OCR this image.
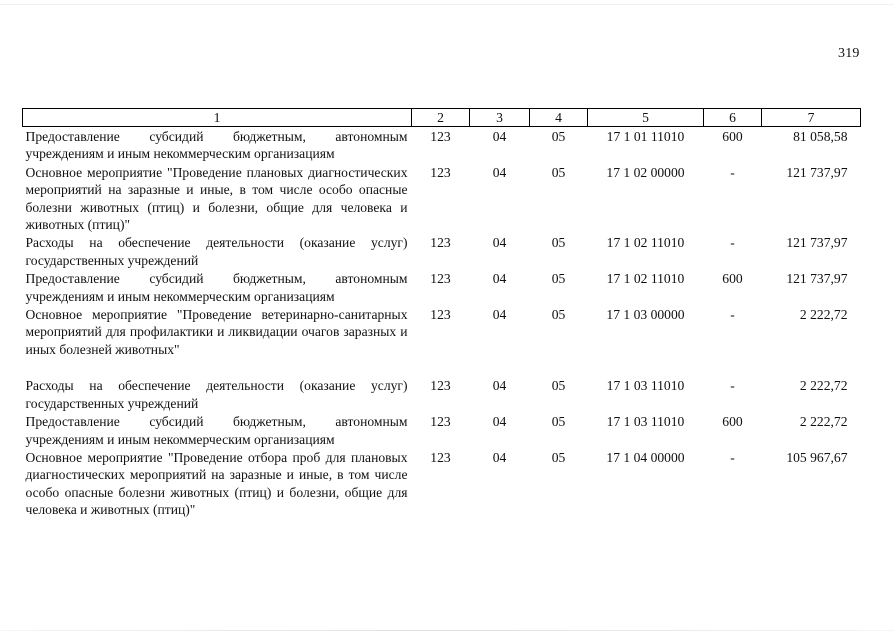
319
1	2	3	4	5	6	7
Предоставление субсидий бюджетным, автономным учреждениям и иным некоммерческим организациям	123	04	05	17 1 01 11010	600	81 058,58
Основное мероприятие "Проведение плановых диагностических мероприятий на заразные и иные, в том числе особо опасные болезни животных (птиц) и болезни, общие для человека и животных (птиц)"	123	04	05	17 1 02 00000	-	121 737,97
Расходы на обеспечение деятельности (оказание услуг) государственных учреждений	123	04	05	17 1 02 11010	-	121 737,97
Предоставление субсидий бюджетным, автономным учреждениям и иным некоммерческим организациям	123	04	05	17 1 02 11010	600	121 737,97
Основное мероприятие "Проведение ветеринарно-санитарных мероприятий для профилактики и ликвидации очагов заразных и иных болезней животных"	123	04	05	17 1 03 00000	-	2 222,72

Расходы на обеспечение деятельности (оказание услуг) государственных учреждений	123	04	05	17 1 03 11010	-	2 222,72
Предоставление субсидий бюджетным, автономным учреждениям и иным некоммерческим организациям	123	04	05	17 1 03 11010	600	2 222,72
Основное мероприятие "Проведение отбора проб для плановых диагностических мероприятий на заразные и иные, в том числе особо опасные болезни животных (птиц) и болезни, общие для человека и животных (птиц)"	123	04	05	17 1 04 00000	-	105 967,67
